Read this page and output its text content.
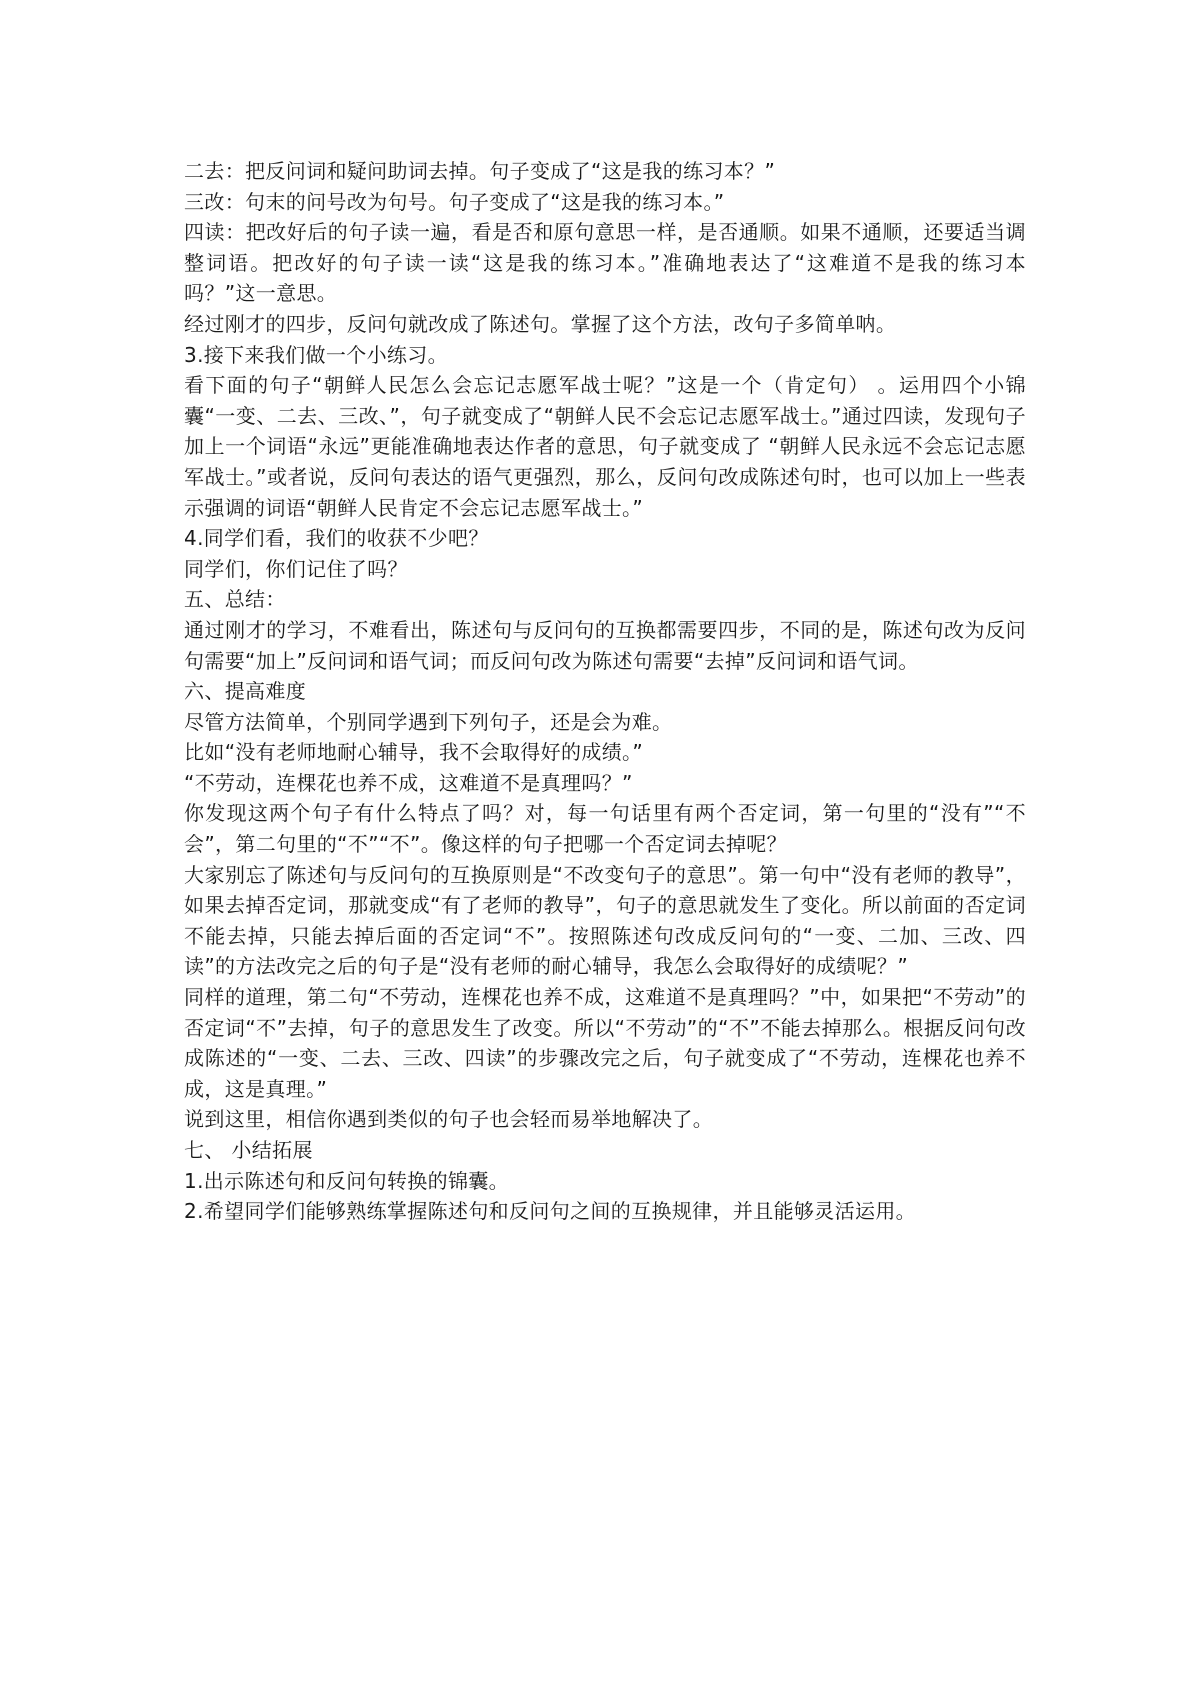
二去：把反问词和疑问助词去掉。句子变成了“这是我的练习本？”

三改：句末的问号改为句号。句子变成了“这是我的练习本。”

四读：把改好后的句子读一遍，看是否和原句意思一样，是否通顺。如果不通顺，还要适当调整词语。把改好的句子读一读“这是我的练习本。”准确地表达了“这难道不是我的练习本吗？”这一意思。

经过刚才的四步，反问句就改成了陈述句。掌握了这个方法，改句子多简单呐。

3.接下来我们做一个小练习。

看下面的句子“朝鲜人民怎么会忘记志愿军战士呢？”这是一个（肯定句） 。运用四个小锦囊“一变、二去、三改、”，句子就变成了“朝鲜人民不会忘记志愿军战士。”通过四读，发现句子加上一个词语“永远”更能准确地表达作者的意思，句子就变成了 “朝鲜人民永远不会忘记志愿军战士。”或者说，反问句表达的语气更强烈，那么，反问句改成陈述句时，也可以加上一些表示强调的词语“朝鲜人民肯定不会忘记志愿军战士。”

4.同学们看，我们的收获不少吧？

同学们，你们记住了吗？

五、总结：

通过刚才的学习，不难看出，陈述句与反问句的互换都需要四步，不同的是，陈述句改为反问句需要“加上”反问词和语气词；而反问句改为陈述句需要“去掉”反问词和语气词。

六、提高难度

尽管方法简单，个别同学遇到下列句子，还是会为难。

比如“没有老师地耐心辅导，我不会取得好的成绩。”

“不劳动，连棵花也养不成，这难道不是真理吗？”

你发现这两个句子有什么特点了吗？对，每一句话里有两个否定词，第一句里的“没有”“不会”，第二句里的“不”“不”。像这样的句子把哪一个否定词去掉呢？

大家别忘了陈述句与反问句的互换原则是“不改变句子的意思”。第一句中“没有老师的教导”，如果去掉否定词，那就变成“有了老师的教导”，句子的意思就发生了变化。所以前面的否定词不能去掉，只能去掉后面的否定词“不”。按照陈述句改成反问句的“一变、二加、三改、四读”的方法改完之后的句子是“没有老师的耐心辅导，我怎么会取得好的成绩呢？”

同样的道理，第二句“不劳动，连棵花也养不成，这难道不是真理吗？”中，如果把“不劳动”的否定词“不”去掉，句子的意思发生了改变。所以“不劳动”的“不”不能去掉那么。根据反问句改成陈述的“一变、二去、三改、四读”的步骤改完之后，句子就变成了“不劳动，连棵花也养不成，这是真理。”

说到这里，相信你遇到类似的句子也会轻而易举地解决了。

七、 小结拓展

1.出示陈述句和反问句转换的锦囊。

2.希望同学们能够熟练掌握陈述句和反问句之间的互换规律，并且能够灵活运用。
